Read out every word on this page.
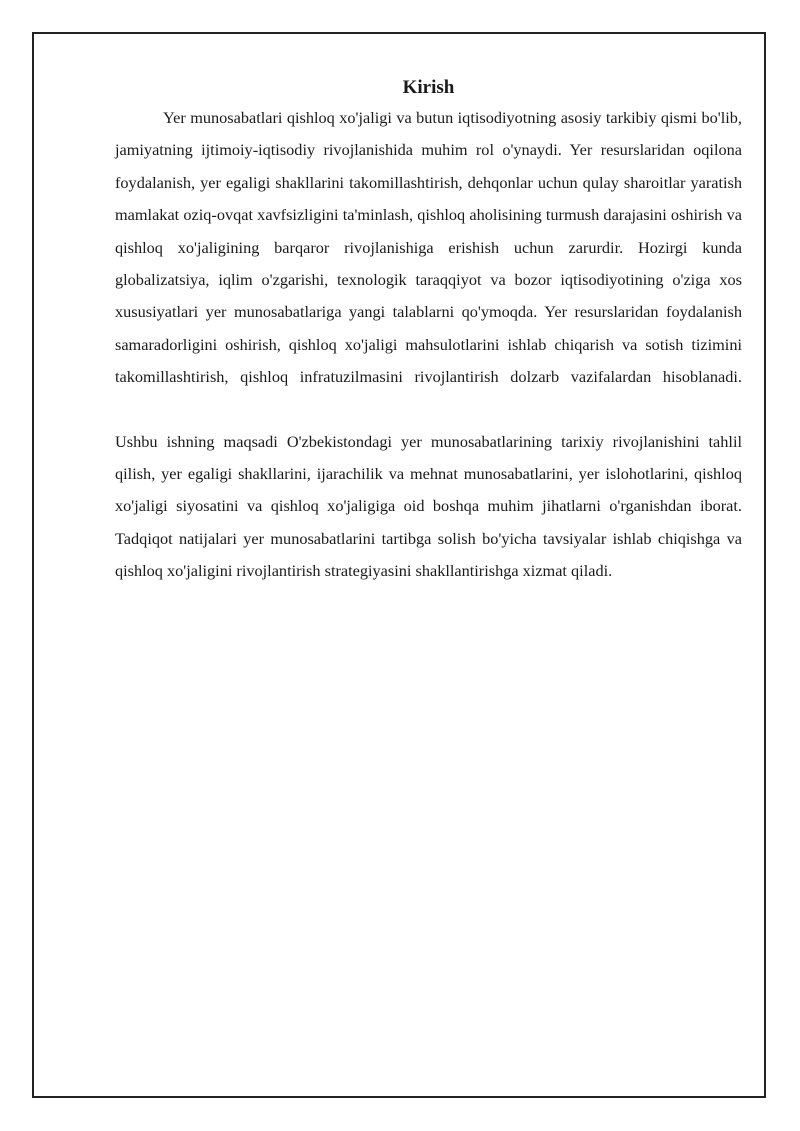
Kirish

Yer munosabatlari qishloq xo'jaligi va butun iqtisodiyotning asosiy tarkibiy qismi bo'lib, jamiyatning ijtimoiy-iqtisodiy rivojlanishida muhim rol o'ynaydi. Yer resurslaridan oqilona foydalanish, yer egaligi shakllarini takomillashtirish, dehqonlar uchun qulay sharoitlar yaratish mamlakat oziq-ovqat xavfsizligini ta'minlash, qishloq aholisining turmush darajasini oshirish va qishloq xo'jaligining barqaror rivojlanishiga erishish uchun zarurdir. Hozirgi kunda globalizatsiya, iqlim o'zgarishi, texnologik taraqqiyot va bozor iqtisodiyotining o'ziga xos xususiyatlari yer munosabatlariga yangi talablarni qo'ymoqda. Yer resurslaridan foydalanish samaradorligini oshirish, qishloq xo'jaligi mahsulotlarini ishlab chiqarish va sotish tizimini takomillashtirish, qishloq infratuzilmasini rivojlantirish dolzarb vazifalardan hisoblanadi.

Ushbu ishning maqsadi O'zbekistondagi yer munosabatlarining tarixiy rivojlanishini tahlil qilish, yer egaligi shakllarini, ijarachilik va mehnat munosabatlarini, yer islohotlarini, qishloq xo'jaligi siyosatini va qishloq xo'jaligiga oid boshqa muhim jihatlarni o'rganishdan iborat. Tadqiqot natijalari yer munosabatlarini tartibga solish bo'yicha tavsiyalar ishlab chiqishga va qishloq xo'jaligini rivojlantirish strategiyasini shakllantirishga xizmat qiladi.
